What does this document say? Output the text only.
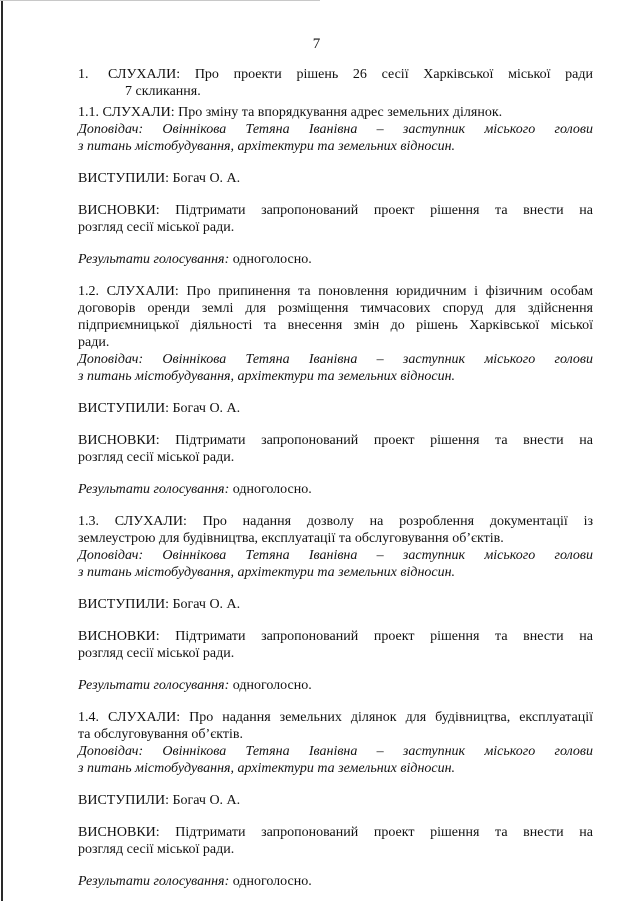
7
1.	СЛУХАЛИ: Про проекти рішень 26 сесії Харківської міської ради

7 скликання.

1.1. СЛУХАЛИ: Про зміну та впорядкування адрес земельних ділянок.

Доповідач: Овіннікова Тетяна Іванівна – заступник міського голови

з питань містобудування, архітектури та земельних відносин.

ВИСТУПИЛИ: Богач О. А.

ВИСНОВКИ: Підтримати запропонований проект рішення та внести на

розгляд сесії міської ради.

Результати голосування: одноголосно.

1.2. СЛУХАЛИ: Про припинення та поновлення юридичним і фізичним особам

договорів оренди землі для розміщення тимчасових споруд для здійснення

підприємницької діяльності та внесення змін до рішень Харківської міської

ради.

Доповідач: Овіннікова Тетяна Іванівна – заступник міського голови

з питань містобудування, архітектури та земельних відносин.

ВИСТУПИЛИ: Богач О. А.

ВИСНОВКИ: Підтримати запропонований проект рішення та внести на

розгляд сесії міської ради.

Результати голосування: одноголосно.

1.3. СЛУХАЛИ: Про надання дозволу на розроблення документації із

землеустрою для будівництва, експлуатації та обслуговування об’єктів.

Доповідач: Овіннікова Тетяна Іванівна – заступник міського голови

з питань містобудування, архітектури та земельних відносин.

ВИСТУПИЛИ: Богач О. А.

ВИСНОВКИ: Підтримати запропонований проект рішення та внести на

розгляд сесії міської ради.

Результати голосування: одноголосно.

1.4. СЛУХАЛИ: Про надання земельних ділянок для будівництва, експлуатації

та обслуговування об’єктів.

Доповідач: Овіннікова Тетяна Іванівна – заступник міського голови

з питань містобудування, архітектури та земельних відносин.

ВИСТУПИЛИ: Богач О. А.

ВИСНОВКИ: Підтримати запропонований проект рішення та внести на

розгляд сесії міської ради.

Результати голосування: одноголосно.
